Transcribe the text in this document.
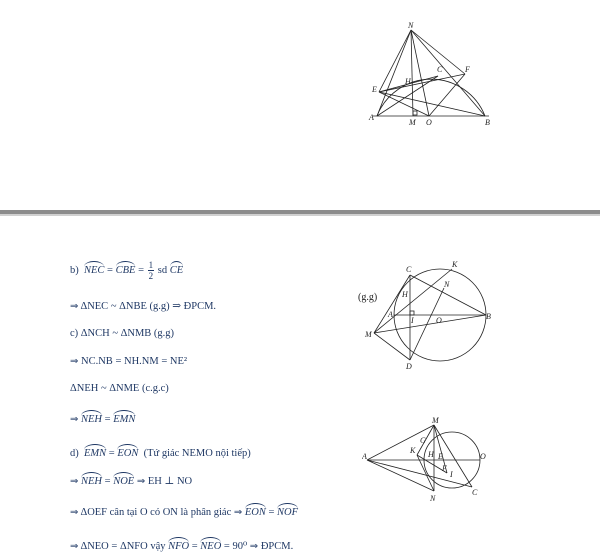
N
E
H
C	F
A
M O	B
C
K
H
N
A
I	O	B
M
D
(g.g)
M
G
K H E
A	O
F
I
N
C
b) NEC = CBE = $\frac{1}{2}$ sd CE
⇒ ΔNEC ~ ΔNBE (g.g) ⇒ ĐPCM.
c) ΔNCH ~ ΔNMB (g.g)
⇒ NC.NB = NH.NM = NE²
ΔNEH ~ ΔNME (c.g.c)
⇒ NEH = EMN
d) EMN = EON (Tứ giác NEMO nội tiếp)
⇒ NEH = NOE ⇒ EH ⊥ NO
⇒ ΔOEF cân tại O có ON là phân giác ⇒ EON = NOF
⇒ ΔNEO = ΔNFO vậy NFO = NEO = 90⁰ ⇒ ĐPCM.
